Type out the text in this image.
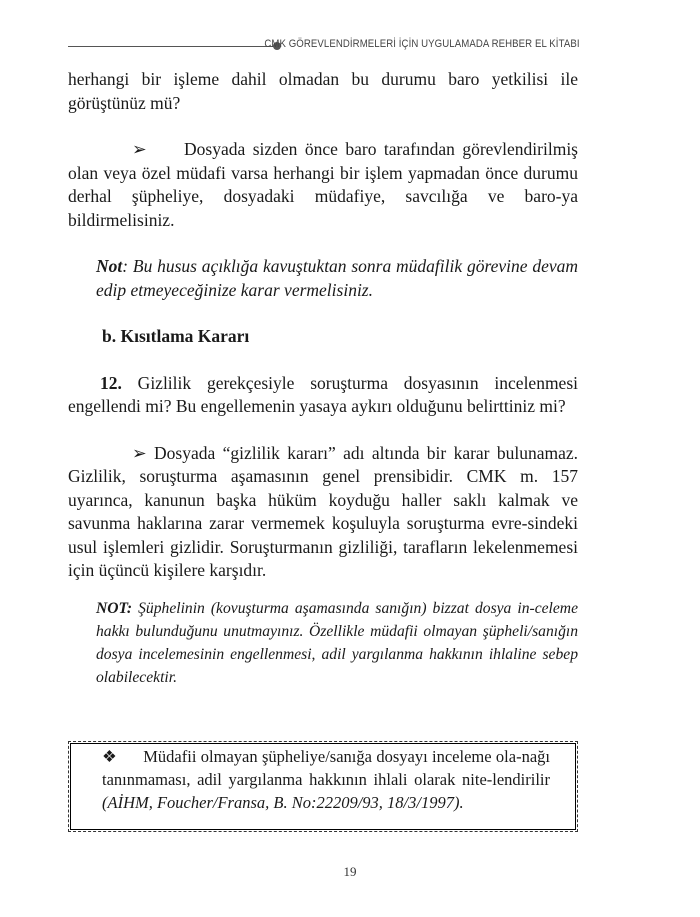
CMK GÖREVLENDİRMELERİ İÇİN UYGULAMADA REHBER EL KİTABI

herhangi bir işleme dahil olmadan bu durumu baro yetkilisi ile görüştünüz mü?

➢ Dosyada sizden önce baro tarafından görevlendirilmiş olan veya özel müdafi varsa herhangi bir işlem yapmadan önce durumu derhal şüpheliye, dosyadaki müdafiye, savcılığa ve baro-ya bildirmelisiniz.

Not: Bu husus açıklığa kavuştuktan sonra müdafilik görevine devam edip etmeyeceğinize karar vermelisiniz.

b. Kısıtlama Kararı

12. Gizlilik gerekçesiyle soruşturma dosyasının incelenmesi engellendi mi? Bu engellemenin yasaya aykırı olduğunu belirttiniz mi?

➢ Dosyada “gizlilik kararı” adı altında bir karar bulunamaz. Gizlilik, soruşturma aşamasının genel prensibidir. CMK m. 157 uyarınca, kanunun başka hüküm koyduğu haller saklı kalmak ve savunma haklarına zarar vermemek koşuluyla soruşturma evre-sindeki usul işlemleri gizlidir. Soruşturmanın gizliliği, tarafların lekelenmemesi için üçüncü kişilere karşıdır.

NOT: Şüphelinin (kovuşturma aşamasında sanığın) bizzat dosya in-celeme hakkı bulunduğunu unutmayınız. Özellikle müdafii olmayan şüpheli/sanığın dosya incelemesinin engellenmesi, adil yargılanma hakkının ihlaline sebep olabilecektir.

❖ Müdafii olmayan şüpheliye/sanığa dosyayı inceleme ola-nağı tanınmaması, adil yargılanma hakkının ihlali olarak nite-lendirilir (AİHM, Foucher/Fransa, B. No:22209/93, 18/3/1997).
19
